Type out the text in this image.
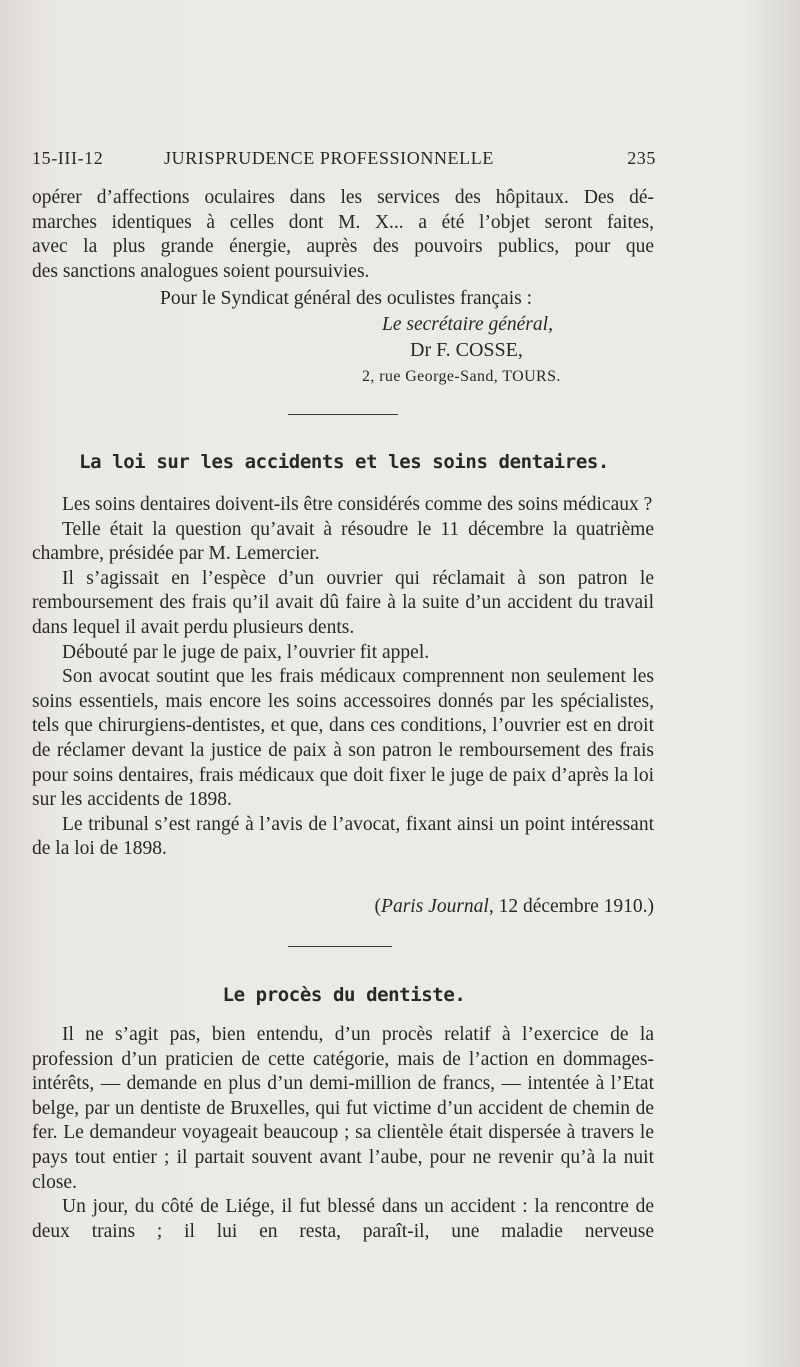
15-III-12	JURISPRUDENCE PROFESSIONNELLE	235

opérer d’affections oculaires dans les services des hôpitaux. Des dé-

marches identiques à celles dont M. X... a été l’objet seront faites,

avec la plus grande énergie, auprès des pouvoirs publics, pour que

des sanctions analogues soient poursuivies.

Pour le Syndicat général des oculistes français :
Le secrétaire général,
Dr F. COSSE,
2, rue George-Sand, TOURS.
La loi sur les accidents et les soins dentaires.

Les soins dentaires doivent-ils être considérés comme des soins médicaux ?

Telle était la question qu’avait à résoudre le 11 décembre la quatrième chambre, présidée par M. Lemercier.

Il s’agissait en l’espèce d’un ouvrier qui réclamait à son patron le remboursement des frais qu’il avait dû faire à la suite d’un accident du travail dans lequel il avait perdu plusieurs dents.

Débouté par le juge de paix, l’ouvrier fit appel.

Son avocat soutint que les frais médicaux comprennent non seulement les soins essentiels, mais encore les soins accessoires donnés par les spécialistes, tels que chirurgiens-dentistes, et que, dans ces conditions, l’ouvrier est en droit de réclamer devant la justice de paix à son patron le remboursement des frais pour soins dentaires, frais médicaux que doit fixer le juge de paix d’après la loi sur les accidents de 1898.

Le tribunal s’est rangé à l’avis de l’avocat, fixant ainsi un point intéressant de la loi de 1898.

(Paris Journal, 12 décembre 1910.)
Le procès du dentiste.

Il ne s’agit pas, bien entendu, d’un procès relatif à l’exercice de la profession d’un praticien de cette catégorie, mais de l’action en dommages-intérêts, — demande en plus d’un demi-million de francs, — intentée à l’Etat belge, par un dentiste de Bruxelles, qui fut victime d’un accident de chemin de fer. Le demandeur voyageait beaucoup ; sa clientèle était dispersée à travers le pays tout entier ; il partait souvent avant l’aube, pour ne revenir qu’à la nuit close.

Un jour, du côté de Liége, il fut blessé dans un accident : la rencontre de deux trains ; il lui en resta, paraît-il, une maladie nerveuse
